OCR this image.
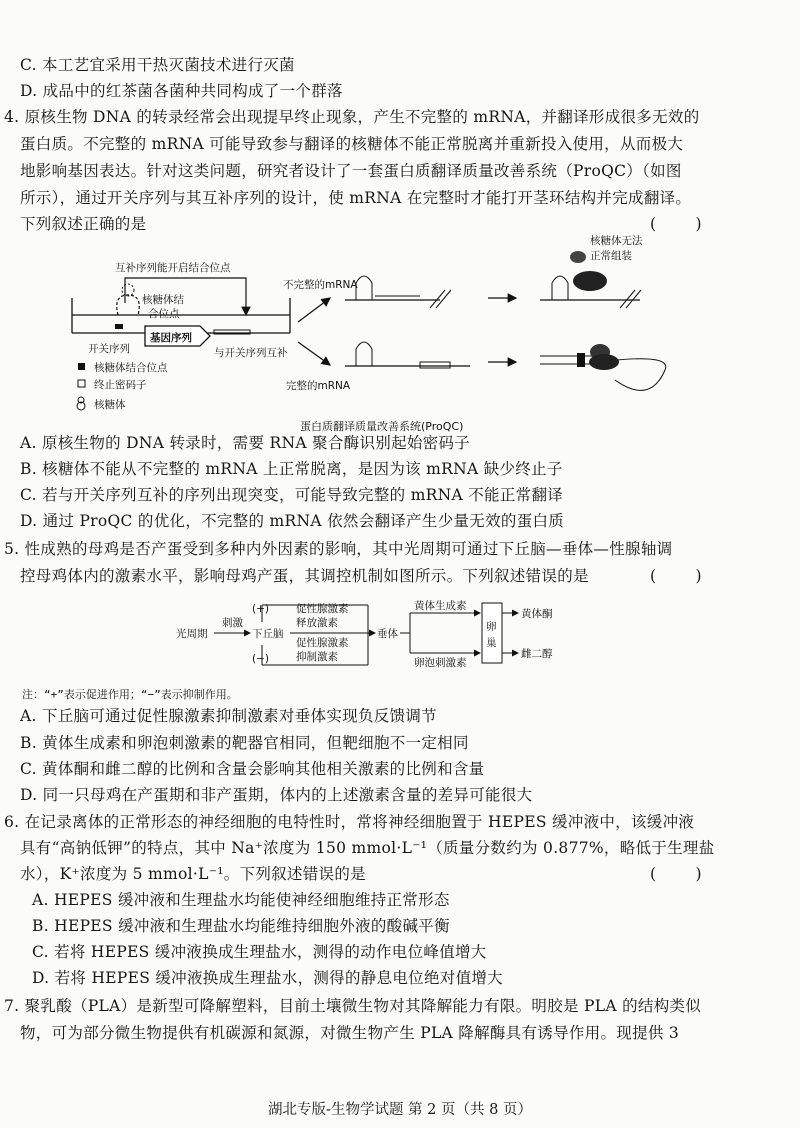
C. 本工艺宜采用干热灭菌技术进行灭菌
D. 成品中的红茶菌各菌种共同构成了一个群落
4. 原核生物 DNA 的转录经常会出现提早终止现象，产生不完整的 mRNA，并翻译形成很多无效的
蛋白质。不完整的 mRNA 可能导致参与翻译的核糖体不能正常脱离并重新投入使用，从而极大
地影响基因表达。针对这类问题，研究者设计了一套蛋白质翻译质量改善系统（ProQC）（如图
所示），通过开关序列与其互补序列的设计，使 mRNA 在完整时才能打开茎环结构并完成翻译。
下列叙述正确的是	(        )
互补序列能开启结合位点
核糖体结
合位点
基因序列
开关序列	与开关序列互补
核糖体结合位点
终止密码子
核糖体
不完整的mRNA
核糖体无法
正常组装
完整的mRNA
蛋白质翻译质量改善系统(ProQC)
A. 原核生物的 DNA 转录时，需要 RNA 聚合酶识别起始密码子
B. 核糖体不能从不完整的 mRNA 上正常脱离，是因为该 mRNA 缺少终止子
C. 若与开关序列互补的序列出现突变，可能导致完整的 mRNA 不能正常翻译
D. 通过 ProQC 的优化，不完整的 mRNA 依然会翻译产生少量无效的蛋白质
5. 性成熟的母鸡是否产蛋受到多种内外因素的影响，其中光周期可通过下丘脑—垂体—性腺轴调
控母鸡体内的激素水平，影响母鸡产蛋，其调控机制如图所示。下列叙述错误的是	(        )
光周期
刺激
下丘脑
(+)
(−)
促性腺激素
释放激素
促性腺激素
抑制激素
垂体
黄体生成素
卵泡刺激素
卵
巢
黄体酮
雌二醇
注：“+”表示促进作用；“−”表示抑制作用。
A. 下丘脑可通过促性腺激素抑制激素对垂体实现负反馈调节
B. 黄体生成素和卵泡刺激素的靶器官相同，但靶细胞不一定相同
C. 黄体酮和雌二醇的比例和含量会影响其他相关激素的比例和含量
D. 同一只母鸡在产蛋期和非产蛋期，体内的上述激素含量的差异可能很大
6. 在记录离体的正常形态的神经细胞的电特性时，常将神经细胞置于 HEPES 缓冲液中，该缓冲液
具有“高钠低钾”的特点，其中 Na⁺浓度为 150 mmol·L⁻¹（质量分数约为 0.877%，略低于生理盐
水），K⁺浓度为 5 mmol·L⁻¹。下列叙述错误的是	(        )
A. HEPES 缓冲液和生理盐水均能使神经细胞维持正常形态
B. HEPES 缓冲液和生理盐水均能维持细胞外液的酸碱平衡
C. 若将 HEPES 缓冲液换成生理盐水，测得的动作电位峰值增大
D. 若将 HEPES 缓冲液换成生理盐水，测得的静息电位绝对值增大
7. 聚乳酸（PLA）是新型可降解塑料，目前土壤微生物对其降解能力有限。明胶是 PLA 的结构类似
物，可为部分微生物提供有机碳源和氮源，对微生物产生 PLA 降解酶具有诱导作用。现提供 3
湖北专版-生物学试题 第 2 页（共 8 页）
